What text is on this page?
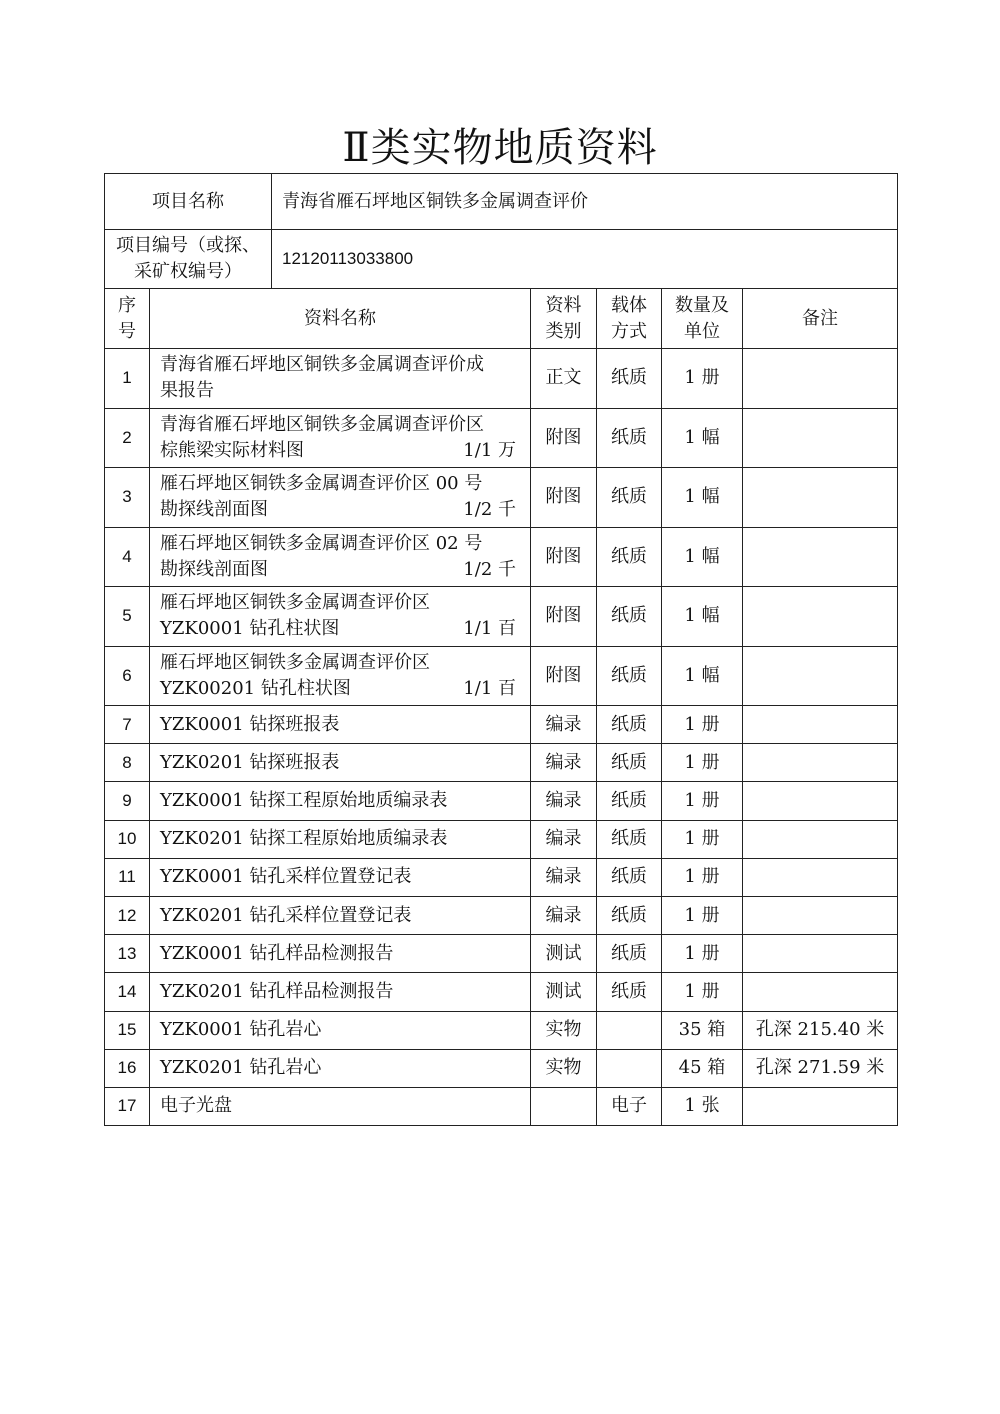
Ⅱ类实物地质资料
项目名称 青海省雁石坪地区铜铁多金属调查评价					

项目编号（或探、
采矿权编号）
12120113033800					

序
号	资料名称	资料
类别	载体
方式	数量及
单位	备注
1	青海省雁石坪地区铜铁多金属调查评价成
果报告	正文	纸质	1 册	
2	青海省雁石坪地区铜铁多金属调查评价区
棕熊梁实际材料图 1/1 万	附图	纸质	1 幅	
3	雁石坪地区铜铁多金属调查评价区 00 号
勘探线剖面图 1/2 千	附图	纸质	1 幅	
4	雁石坪地区铜铁多金属调查评价区 02 号
勘探线剖面图 1/2 千	附图	纸质	1 幅	
5	雁石坪地区铜铁多金属调查评价区
YZK0001 钻孔柱状图 1/1 百	附图	纸质	1 幅	
6	雁石坪地区铜铁多金属调查评价区
YZK00201 钻孔柱状图 1/1 百	附图	纸质	1 幅	
7	YZK0001 钻探班报表	编录	纸质	1 册	
8	YZK0201 钻探班报表	编录	纸质	1 册	
9	YZK0001 钻探工程原始地质编录表	编录	纸质	1 册	
10	YZK0201 钻探工程原始地质编录表	编录	纸质	1 册	
11	YZK0001 钻孔采样位置登记表	编录	纸质	1 册	
12	YZK0201 钻孔采样位置登记表	编录	纸质	1 册	
13	YZK0001 钻孔样品检测报告	测试	纸质	1 册	
14	YZK0201 钻孔样品检测报告	测试	纸质	1 册	
15	YZK0001 钻孔岩心	实物		35 箱	孔深 215.40 米
16	YZK0201 钻孔岩心	实物		45 箱	孔深 271.59 米
17	电子光盘		电子	1 张	
